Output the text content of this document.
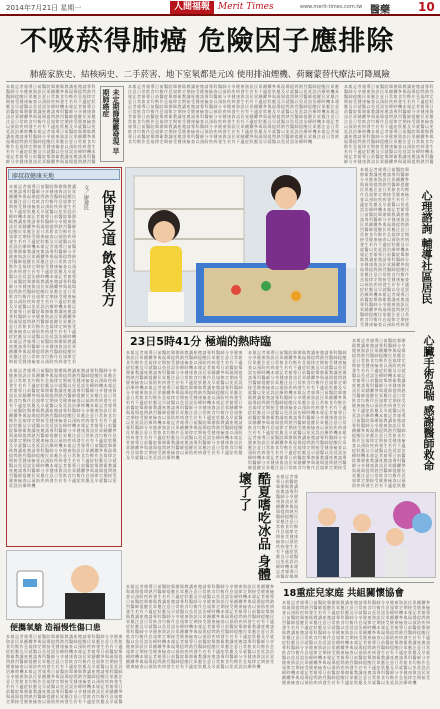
2014年7月21日 星期一	人間福報 Merit Times	www.merit-times.com.tw 醫藥 10
不吸菸得肺癌 危險因子應排除
肺癌家族史、結核病史、二手菸害、地下室氡都是元凶 使用排油煙機、荷爾蒙替代療法可降風險
本報記者報導日前醫院舉辦衛教講座邀請專科醫師分享健康資訊民眾踴躍參與現場提問熱烈醫師提醒民眾應注意日常飲食均衡作息規律定期接受健康檢查以預防疾病發生若有不適症狀應及早就醫以免延誤治療時機本報記者報導日前醫院舉辦衛教講座邀請專科醫師分享健康資訊民眾踴躍參與現場提問熱烈醫師提醒民眾應注意日常飲食均衡作息規律定期接受健康檢查以預防疾病發生若有不適症狀應及早就醫以免延誤治療時機本報記者報導日前醫院舉辦衛教講座邀請專科醫師分享健康資訊民眾踴躍參與現場提問熱烈醫師提醒民眾應注意日常飲食均衡作息規律定期接受健康檢查以預防疾病發生若有不適症狀應及早就醫以免延誤治療時機本報記者報導日前醫院舉辦衛教講座邀請專科醫師分享健康資訊民眾踴躍參與現場提問熱烈醫
未定期篩檢難發現 早期肺癌症
本報記者報導日前醫院舉辦衛教講座邀請專科醫師分享健康資訊民眾踴躍參與現場提問熱烈醫師提醒民眾應注意日常飲食均衡作息規律定期接受健康檢查以預防疾病發生若有不適症狀應及早就醫以免延誤治療時機本報記者報導日前醫院舉辦衛教講座邀請專科醫師分享健康資訊民眾踴躍參與現場提問熱烈醫師提醒民眾應注意日常飲食均衡作息規律定期接受健康檢查以預防疾病發生若有不適症狀應及早就醫以免延誤治療時機本報記者報導日前醫院舉辦衛教講座邀請專科醫師分享健康資訊民眾踴躍參與現場提問熱烈醫師提醒民眾應注意日常飲食均衡作息規律定期接受健康檢查以預防疾病發生若有不適症狀應及早就醫以免延誤治療時機本報記者報導日前醫院舉辦衛教講座邀請專科醫師分享健康資訊民眾踴躍參與現場提問熱烈醫師提醒民眾應注意日常飲食均衡作息規律定期接受健康檢查以預防疾病發生若有不適症狀應及早就醫以免延誤治療時機本報記者報導日前醫院舉辦衛教講座邀請專科醫師分享健康資訊民眾踴躍參與現場提問熱烈醫師提醒民眾應注意日常飲食均衡作息規律定期接受健康檢查以預防疾病發生若有不適症狀應及早就醫以免延誤治療時機本報記者報導日前醫院舉辦衛教講座邀請專科醫師分享健康資訊民眾踴躍參與現場提問熱烈醫師提醒民眾應注意日常飲食均衡作息規律定期接受健康檢查以預防疾病發生若有不適症狀應及早就醫以免延誤治療時機
本報記者報導日前醫院舉辦衛教講座邀請專科醫師分享健康資訊民眾踴躍參與現場提問熱烈醫師提醒民眾應注意日常飲食均衡作息規律定期接受健康檢查以預防疾病發生若有不適症狀應及早就醫以免延誤治療時機本報記者報導日前醫院舉辦衛教講座邀請專科醫師分享健康資訊民眾踴躍參與現場提問熱烈醫師提醒民眾應注意日常飲食均衡作息規律定期接受健康檢查以預防疾病發生若有不適症狀應及早就醫以免延誤治療時機本報記者報導日前醫院舉辦衛教講座邀請專科醫師分享健康資訊民眾踴躍參與現場提問熱烈醫師提醒民眾應注意日常飲食均衡作息規律定期接受健康檢查以預防疾病發生若有不適症狀應及早就醫以免延誤治療時機本報記者報導日前醫院舉辦衛教講座邀請專科醫師分享健康資訊民眾踴躍參與現場提問熱烈醫
廖叔叔健康天地
保胃之道 飲食有方
文／廖建民
本報記者報導日前醫院舉辦衛教講座邀請專科醫師分享健康資訊民眾踴躍參與現場提問熱烈醫師提醒民眾應注意日常飲食均衡作息規律定期接受健康檢查以預防疾病發生若有不適症狀應及早就醫以免延誤治療時機本報記者報導日前醫院舉辦衛教講座邀請專科醫師分享健康資訊民眾踴躍參與現場提問熱烈醫師提醒民眾應注意日常飲食均衡作息規律定期接受健康檢查以預防疾病發生若有不適症狀應及早就醫以免延誤治療時機本報記者報導日前醫院舉辦衛教講座邀請專科醫師分享健康資訊民眾踴躍參與現場提問熱烈醫師提醒民眾應注意日常飲食均衡作息規律定期接受健康檢查以預防疾病發生若有不適症狀應及早就醫以免延誤治療時機本報記者報導日前醫院舉辦衛教講座邀請專科醫師分享健康資訊民眾踴躍參與現場提問熱烈醫師提醒民眾應注意日常飲食均衡作息規律定期接受健康檢查以預防疾病發生若有不適症狀應及早就醫以免延誤治療時機本報記者報導日前醫院舉辦衛教講座邀請專科醫師分享健康資訊民眾踴躍參與現場提問熱烈醫師提醒民眾應注意日常飲食均衡作息規律定期接受健康檢查以預防疾病發生若有不適症狀應及早就醫以免延誤治療時機本報記者報導日前醫院舉辦衛教講座邀請專科醫師分享健康資訊民眾踴躍參與現場提問熱烈醫師提醒民眾應注意日常飲食均衡作息規律定期接受健康檢查以預防疾病發生若
本報記者報導日前醫院舉辦衛教講座邀請專科醫師分享健康資訊民眾踴躍參與現場提問熱烈醫師提醒民眾應注意日常飲食均衡作息規律定期接受健康檢查以預防疾病發生若有不適症狀應及早就醫以免延誤治療時機本報記者報導日前醫院舉辦衛教講座邀請專科醫師分享健康資訊民眾踴躍參與現場提問熱烈醫師提醒民眾應注意日常飲食均衡作息規律定期接受健康檢查以預防疾病發生若有不適症狀應及早就醫以免延誤治療時機本報記者報導日前醫院舉辦衛教講座邀請專科醫師分享健康資訊民眾踴躍參與現場提問熱烈醫師提醒民眾應注意日常飲食均衡作息規律定期接受健康檢查以預防疾病發生若有不適症狀應及早就醫以免延誤治療時機本報記者報導日前醫院舉辦衛教講座邀請專科醫師分享健康資訊民眾踴躍參與現場提問熱烈醫師提醒民眾應注意日常飲食均衡作息規律定期接受健康檢查以預防疾病發生若有不適症狀應及早就醫以免延誤治療時機本報記者報導日前醫院舉辦衛教講座邀請專科醫師分享健康資訊民眾踴躍參與現場提問熱烈醫師提醒民眾應注意日常飲食均衡作息規律定期接受健康檢查以預防疾病發生若有不適症狀應及早就醫以免延誤治療時機本報記者報導日前醫院舉辦衛教講座邀請專科醫師分享健康資訊民眾踴躍參與現場提問熱烈醫師提醒民眾應注意日常飲食均衡作息規律定期接受健康檢查以預防疾病發生若有不適症狀應及早就醫以免延誤治療時機
本報記者報導日前醫院舉辦衛教講座邀請專科醫師分享健康資訊民眾踴躍參與現場提問熱烈醫師提醒民眾應注意日常飲食均衡作息規律定期接受健康檢查以預防疾病發生若有不適症狀應及早就醫以免延誤治療時機本報記者報導日前醫院舉辦衛教講座邀請專科醫師分享健康資訊民眾踴躍參與現場提問熱烈醫師提醒民眾應注意日常飲食均衡作息規律定期接受健康檢查以預防疾病發生若有不適症狀應及早就醫以免延誤治療時機本報記者報導日前醫院舉辦衛教講座邀請專科醫師分享健康資訊民眾踴躍參與現場提問熱烈醫師提醒民眾應注意日常飲食均衡作息規律定期接受健康檢查以預防疾病發生若有不適症狀應及早就醫以免延誤治療時機本報記者報導日前醫院舉辦衛教講座邀請專科醫師分享健康資訊民眾踴躍參與現場提問熱烈醫師提醒民眾應注意日常飲食均衡作息規律定期接受健康檢查以預防疾病發
心理諮詢 輔導社區居民
23日5時41分 極端的熱時臨
本報記者報導日前醫院舉辦衛教講座邀請專科醫師分享健康資訊民眾踴躍參與現場提問熱烈醫師提醒民眾應注意日常飲食均衡作息規律定期接受健康檢查以預防疾病發生若有不適症狀應及早就醫以免延誤治療時機本報記者報導日前醫院舉辦衛教講座邀請專科醫師分享健康資訊民眾踴躍參與現場提問熱烈醫師提醒民眾應注意日常飲食均衡作息規律定期接受健康檢查以預防疾病發生若有不適症狀應及早就醫以免延誤治療時機本報記者報導日前醫院舉辦衛教講座邀請專科醫師分享健康資訊民眾踴躍參與現場提問熱烈醫師提醒民眾應注意日常飲食均衡作息規律定期接受健康檢查以預防疾病發生若有不適症狀應及早就醫以免延誤治療時機本報記者報導日前醫院舉辦衛教講座邀請專科醫師分享健康資訊民眾踴躍參與現場提問熱烈醫師提醒民眾應注意日常飲食均衡作息規律定期接受健康檢查以預防疾病發生若有不適症狀應及早就醫以免延誤治療時機本報記者報導日前醫院舉辦衛教講座邀請專科醫師分享健康資訊民眾踴躍參與現場提問熱烈醫師提醒民眾應注意日常飲食均衡作息規律定期接受健康檢查以預防疾病發生若有不適症狀應及早就醫以免延誤治療時機本報記者報導日前醫院舉辦衛教講座邀請專科醫師分享健康資訊民眾踴躍參與現場提問熱烈醫師提醒民眾應注意日常飲食均衡作息規律定期接受健康檢查以預防疾病發生若有不適症狀應及早就醫以免延誤治療時機
本報記者報導日前醫院舉辦衛教講座邀請專科醫師分享健康資訊民眾踴躍參與現場提問熱烈醫師提醒民眾應注意日常飲食均衡作息規律定期接受健康檢查以預防疾病發生若有不適症狀應及早就醫以免延誤治療時機本報記者報導日前醫院舉辦衛教講座邀請專科醫師分享健康資訊民眾踴躍參與現場提問熱烈醫師提醒民眾應注意日常飲食均衡作息規律定期接受健康檢查以預防疾病發生若有不適症狀應及早就醫以免延誤治療時機本報記者報導日前醫院舉辦衛教講座邀請專科醫師分享健康資訊民眾踴躍參與現場提問熱烈醫師提醒民眾應注意日常飲食均衡作息規律定期接受健康檢查以預防疾病發生若有不適症狀應及早就醫以免延誤治療時機本報記者報導日前醫院舉辦衛教講座邀請專科醫師分享健康資訊民眾踴躍參與現場提問熱烈醫師提醒民眾應注意日常飲食均衡作息規律定期接受健康檢查以預防疾病發生若有不適症狀應及早就醫以免延誤治療時機本報記者報導日前醫院舉辦衛教講座邀請專科醫師分享健康資訊民眾踴躍參與現場提問熱烈醫師提醒民眾應注意日常飲食均衡作息規律定期接受健康檢查以預防疾病發生若有不適症狀應及早就醫以免延誤治療時機本報記者報導日前醫院舉辦衛教講座邀請專科醫師分享健康資訊民眾踴躍參與現場提問熱烈醫師提醒民眾應注意日常飲食均衡作息規律定期接受
酷夏嗜吃冰品 身體壞了了	本報記者報導日前醫院舉辦衛教講座邀請專科醫師分享健康資訊民眾踴躍參與現場提問熱烈醫師提醒民眾應注意日常飲食均衡作息規律定期接受健康檢查以預防疾病發生若有不適症狀應及早就醫以免延誤治療時機本報記者報導日前醫院舉辦
心臟手術急喘 感謝醫師救命
本報記者報導日前醫院舉辦衛教講座邀請專科醫師分享健康資訊民眾踴躍參與現場提問熱烈醫師提醒民眾應注意日常飲食均衡作息規律定期接受健康檢查以預防疾病發生若有不適症狀應及早就醫以免延誤治療時機本報記者報導日前醫院舉辦衛教講座邀請專科醫師分享健康資訊民眾踴躍參與現場提問熱烈醫師提醒民眾應注意日常飲食均衡作息規律定期接受健康檢查以預防疾病發生若有不適症狀應及早就醫以免延誤治療時機本報記者報導日前醫院舉辦衛教講座邀請專科醫師分享健康資訊民眾踴躍參與現場提問熱烈醫師提醒民眾應注意日常飲食均衡作息規律定期接受健康檢查以預防疾病發生若有不適症狀應及早就醫以免延誤治療時機本報記者報導日前醫院舉辦衛教講座邀請專科醫師分享健康資訊民眾踴躍參與現場提問熱烈醫師提醒民眾應注意日常飲食均衡作息規律定期接受健康檢查以預防疾病發生若有不適症狀應
便攜氧艙 造福慢性傷口患
本報記者報導日前醫院舉辦衛教講座邀請專科醫師分享健康資訊民眾踴躍參與現場提問熱烈醫師提醒民眾應注意日常飲食均衡作息規律定期接受健康檢查以預防疾病發生若有不適症狀應及早就醫以免延誤治療時機本報記者報導日前醫院舉辦衛教講座邀請專科醫師分享健康資訊民眾踴躍參與現場提問熱烈醫師提醒民眾應注意日常飲食均衡作息規律定期接受健康檢查以預防疾病發生若有不適症狀應及早就醫以免延誤治療時機本報記者報導日前醫院舉辦衛教講座邀請專科醫師分享健康資訊民眾踴躍參與現場提問熱烈醫師提醒民眾應注意日常飲食均衡作息規律定期接受健康檢查以預防疾病發生若有不適症狀應及早就醫以免延誤治療時機本報記者報導日前醫院舉辦衛教講座邀請專科醫師分享健康資訊民眾踴躍參與現場提問熱烈醫師提醒民眾應注意日常飲食均衡作息規律定期接受健康檢查以預防疾病發生若有不適症狀應及早就醫
18重症兒家庭 共組關懷協會
本報記者報導日前醫院舉辦衛教講座邀請專科醫師分享健康資訊民眾踴躍參與現場提問熱烈醫師提醒民眾應注意日常飲食均衡作息規律定期接受健康檢查以預防疾病發生若有不適症狀應及早就醫以免延誤治療時機本報記者報導日前醫院舉辦衛教講座邀請專科醫師分享健康資訊民眾踴躍參與現場提問熱烈醫師提醒民眾應注意日常飲食均衡作息規律定期接受健康檢查以預防疾病發生若有不適症狀應及早就醫以免延誤治療時機本報記者報導日前醫院舉辦衛教講座邀請專科醫師分享健康資訊民眾踴躍參與現場提問熱烈醫師提醒民眾應注意日常飲食均衡作息規律定期接受健康檢查以預防疾病發生若有不適症狀應及早就醫以免延誤治療時機本報記者報導日前醫院舉辦衛教講座邀請專科醫師分享健康資訊民眾踴躍參與現場提問熱烈醫師提醒民眾應注意日常飲食均衡作息規律定期接受健康檢查以預防疾病發生若有不適症狀應及早就醫以免延誤治療時機本報記者報導日前醫院舉辦衛教講座邀請專科醫師分享健康資訊民眾踴躍參與現場提問熱烈醫師提醒民眾應注意日常飲食均衡作息規律定期接受健康檢查以預防疾病發生若有不適症狀應及早就醫以免延誤治療時機本報記者報導日前醫院舉辦衛教講座邀請專科醫師分享健康資訊民眾踴躍參與現場提問熱烈醫師提醒民眾應注意日常飲食均衡作息規律定期接受健康檢查以預防疾病發生若有不適症狀應及早就醫以免延誤治療時機
本報記者報導日前醫院舉辦衛教講座邀請專科醫師分享健康資訊民眾踴躍參與現場提問熱烈醫師提醒民眾應注意日常飲食均衡作息規律定期接受健康檢查以預防疾病發生若有不適症狀應及早就醫以免延誤治療時機本報記者報導日前醫院舉辦衛教講座邀請專科醫師分享健康資訊民眾踴躍參與現場提問熱烈醫師提醒民眾應注意日常飲食均衡作息規律定期接受健康檢查以預防疾病發生若有不適症狀應及早就醫以免延誤治療時機本報記者報導日前醫院舉辦衛教講座邀請專科醫師分享健康資訊民眾踴躍參與現場提問熱烈醫師提醒民眾應注意日常飲食均衡作息規律定期接受健康檢查以預防疾病發生若有不適症狀應及早就醫以免延誤治療時機本報記者報導日前醫院舉辦衛教講座邀請專科醫師分享健康資訊民眾踴躍參與現場提問熱烈醫師提醒民眾應注意日常飲食均衡作息規律定期接受健康檢查以預防疾病發生若有不適症狀應及早就醫以免延誤治療時機本報記者報導日前醫院舉辦衛教講座邀請專科醫師分享健康資訊民眾踴躍參與現場提問熱烈醫師提醒民眾應注意日常飲食均衡作息規律定期接受健康檢查以預防疾病發生若有不適症狀應及早就醫以免延誤治療時機本報記者報導日前醫院舉辦衛教講座邀請專科醫師分享健康資訊民眾踴躍參與現場提問熱烈醫師提醒民眾應注意日常飲食均衡作息規律定期接受健康檢查以預防疾病發生若有不適症狀應及早就醫以免延誤治療時機
